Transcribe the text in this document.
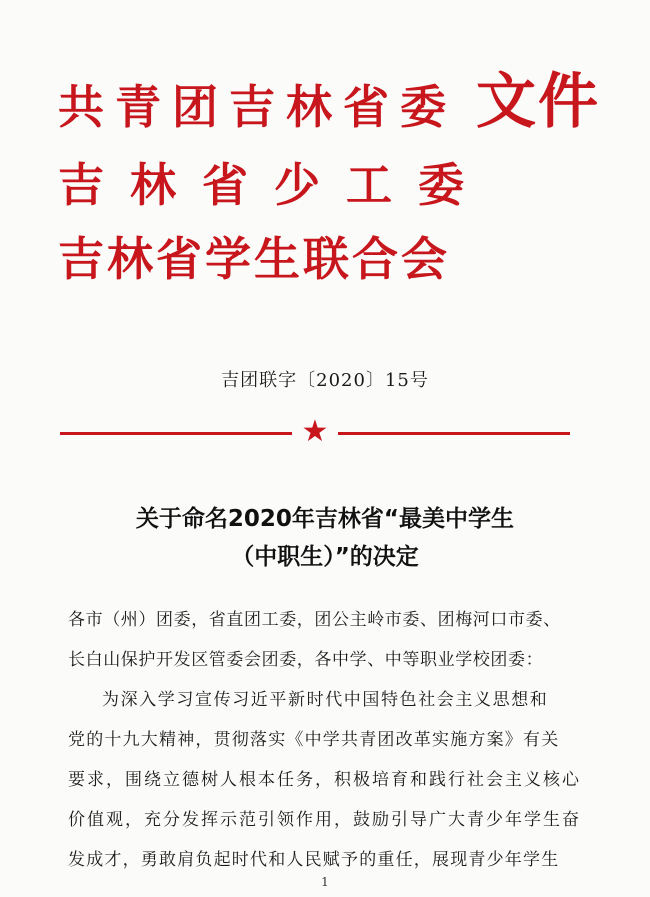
共青团吉林省委
吉林省少工委
吉林省学生联合会
文件
吉团联字〔2020〕15号
★
关于命名2020年吉林省“最美中学生
（中职生）”的决定
各市（州）团委，省直团工委，团公主岭市委、团梅河口市委、
长白山保护开发区管委会团委，各中学、中等职业学校团委：
为深入学习宣传习近平新时代中国特色社会主义思想和
党的十九大精神，贯彻落实《中学共青团改革实施方案》有关
要求，围绕立德树人根本任务，积极培育和践行社会主义核心
价值观，充分发挥示范引领作用，鼓励引导广大青少年学生奋
发成才，勇敢肩负起时代和人民赋予的重任，展现青少年学生
1
